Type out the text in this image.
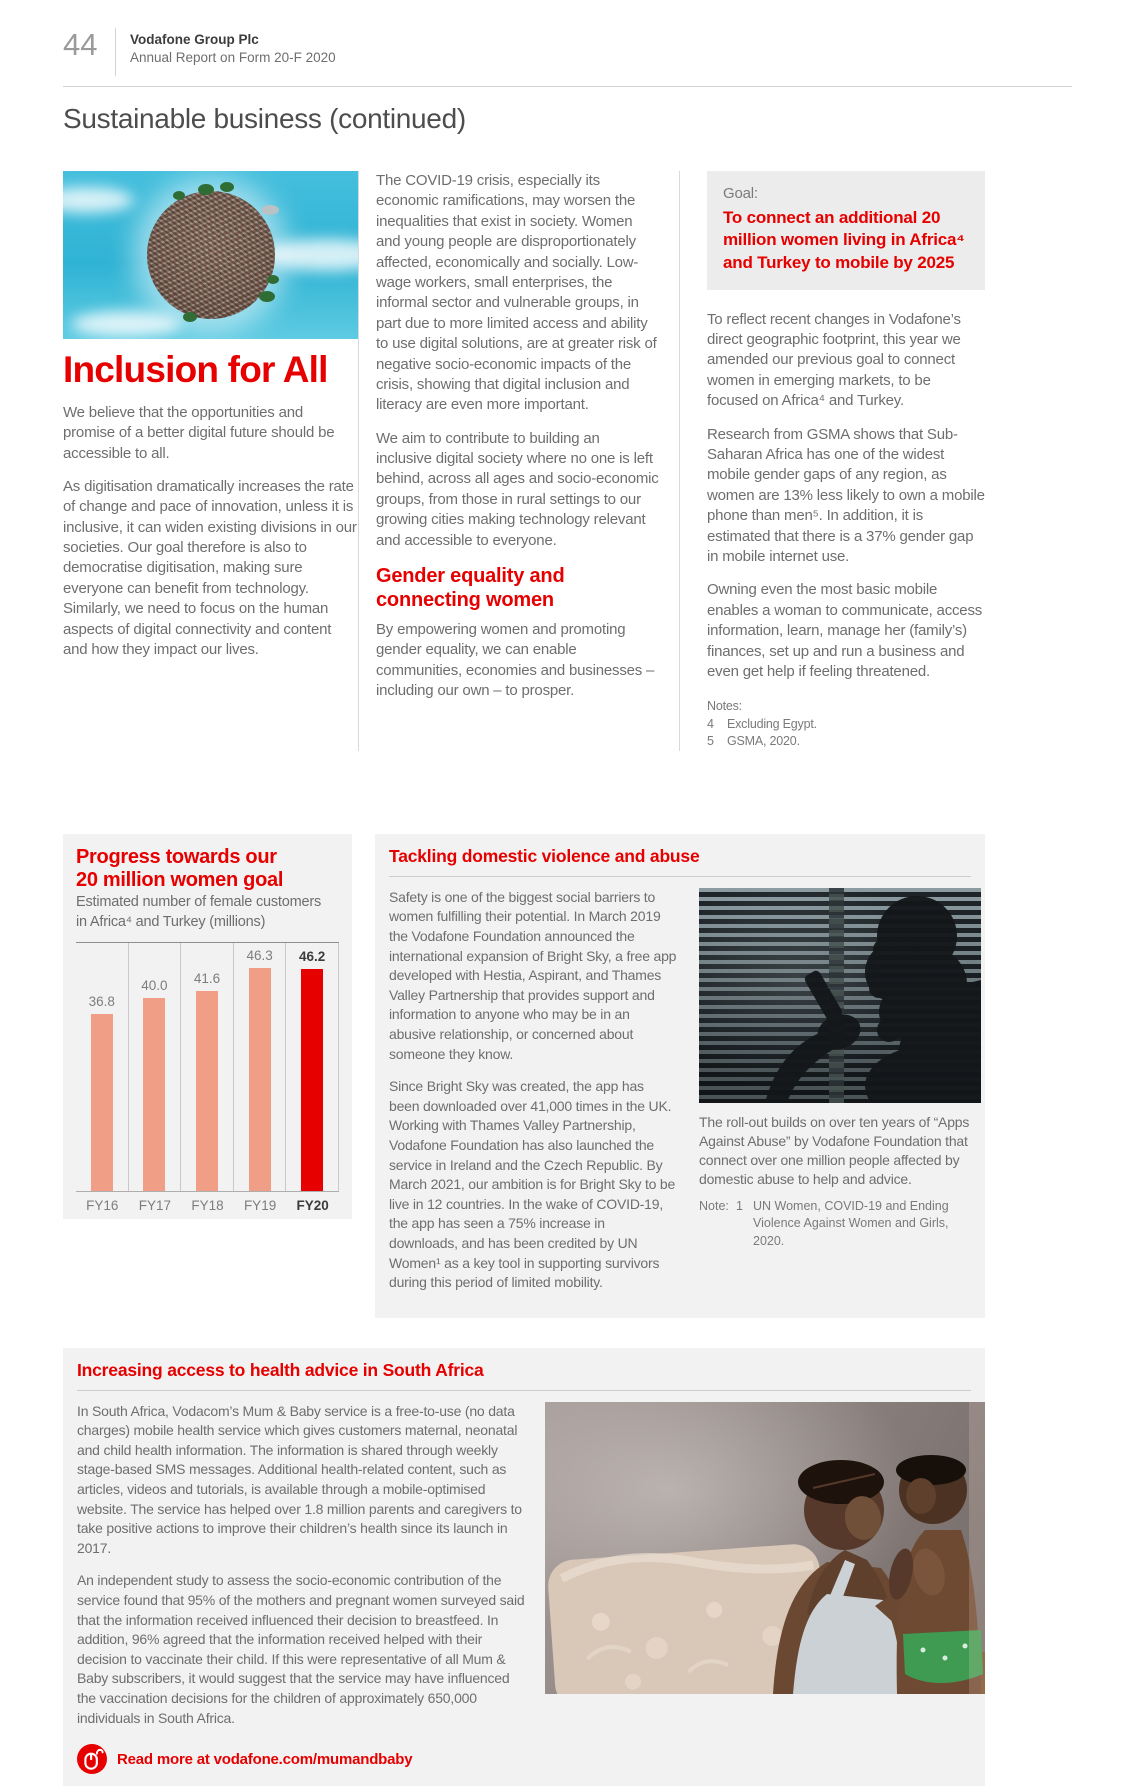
44	Vodafone Group Plc
Annual Report on Form 20-F 2020
Sustainable business (continued)
Inclusion for All

We believe that the opportunities and promise of a better digital future should be accessible to all.

As digitisation dramatically increases the rate of change and pace of innovation, unless it is inclusive, it can widen existing divisions in our societies. Our goal therefore is also to democratise digitisation, making sure everyone can benefit from technology. Similarly, we need to focus on the human aspects of digital connectivity and content and how they impact our lives.

The COVID-19 crisis, especially its economic ramifications, may worsen the inequalities that exist in society. Women and young people are disproportionately affected, economically and socially. Low-wage workers, small enterprises, the informal sector and vulnerable groups, in part due to more limited access and ability to use digital solutions, are at greater risk of negative socio-economic impacts of the crisis, showing that digital inclusion and literacy are even more important.

We aim to contribute to building an inclusive digital society where no one is left behind, across all ages and socio-economic groups, from those in rural settings to our growing cities making technology relevant and accessible to everyone.

Gender equality and
connecting women

By empowering women and promoting gender equality, we can enable communities, economies and businesses – including our own – to prosper.

Goal:
To connect an additional 20 million women living in Africa⁴ and Turkey to mobile by 2025

To reflect recent changes in Vodafone’s direct geographic footprint, this year we amended our previous goal to connect women in emerging markets, to be focused on Africa⁴ and Turkey.

Research from GSMA shows that Sub-Saharan Africa has one of the widest mobile gender gaps of any region, as women are 13% less likely to own a mobile phone than men⁵. In addition, it is estimated that there is a 37% gender gap in mobile internet use.

Owning even the most basic mobile enables a woman to communicate, access information, learn, manage her (family’s) finances, set up and run a business and even get help if feeling threatened.

Notes:
4	Excluding Egypt.
5	GSMA, 2020.
Progress towards our
20 million women goal
Estimated number of female customers
in Africa⁴ and Turkey (millions)
36.8
40.0 41.6
46.3 46.2
FY16	FY17	FY18	FY19	FY20
Tackling domestic violence and abuse

Safety is one of the biggest social barriers to women fulfilling their potential. In March 2019 the Vodafone Foundation announced the international expansion of Bright Sky, a free app developed with Hestia, Aspirant, and Thames Valley Partnership that provides support and information to anyone who may be in an abusive relationship, or concerned about someone they know.

Since Bright Sky was created, the app has been downloaded over 41,000 times in the UK. Working with Thames Valley Partnership, Vodafone Foundation has also launched the service in Ireland and the Czech Republic. By March 2021, our ambition is for Bright Sky to be live in 12 countries. In the wake of COVID-19, the app has seen a 75% increase in downloads, and has been credited by UN Women¹ as a key tool in supporting survivors during this period of limited mobility.

The roll-out builds on over ten years of “Apps Against Abuse” by Vodafone Foundation that connect over one million people affected by domestic abuse to help and advice.

Note: 1 UN Women, COVID-19 and Ending Violence Against Women and Girls, 2020.
Increasing access to health advice in South Africa

In South Africa, Vodacom’s Mum & Baby service is a free-to-use (no data charges) mobile health service which gives customers maternal, neonatal and child health information. The information is shared through weekly stage-based SMS messages. Additional health-related content, such as articles, videos and tutorials, is available through a mobile-optimised website. The service has helped over 1.8 million parents and caregivers to take positive actions to improve their children’s health since its launch in 2017.

An independent study to assess the socio-economic contribution of the service found that 95% of the mothers and pregnant women surveyed said that the information received influenced their decision to breastfeed. In addition, 96% agreed that the information received helped with their decision to vaccinate their child. If this were representative of all Mum & Baby subscribers, it would suggest that the service may have influenced the vaccination decisions for the children of approximately 650,000 individuals in South Africa.

Read more at vodafone.com/mumandbaby
